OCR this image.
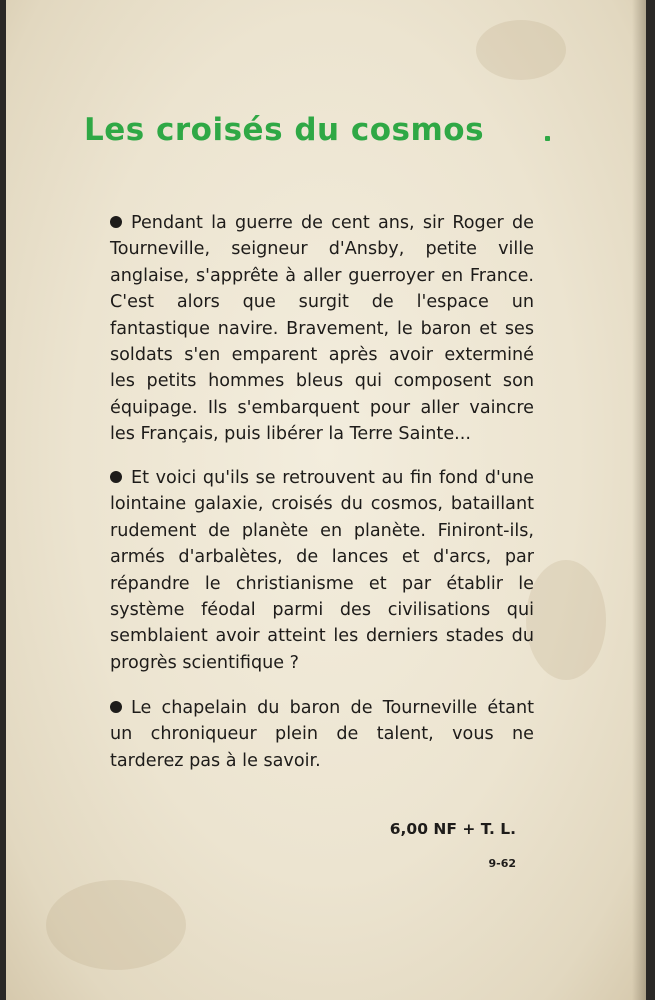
Les croisés du cosmos

Pendant la guerre de cent ans, sir Roger de Tourneville, seigneur d'Ansby, petite ville anglaise, s'apprête à aller guerroyer en France. C'est alors que surgit de l'espace un fantastique navire. Bravement, le baron et ses soldats s'en emparent après avoir exterminé les petits hommes bleus qui composent son équipage. Ils s'embarquent pour aller vaincre les Français, puis libérer la Terre Sainte...

Et voici qu'ils se retrouvent au fin fond d'une lointaine galaxie, croisés du cosmos, bataillant rudement de planète en planète. Finiront-ils, armés d'arbalètes, de lances et d'arcs, par répandre le christianisme et par établir le système féodal parmi des civilisations qui semblaient avoir atteint les derniers stades du progrès scientifique ?

Le chapelain du baron de Tourneville étant un chroniqueur plein de talent, vous ne tarderez pas à le savoir.

6,00 NF + T. L.

9-62
